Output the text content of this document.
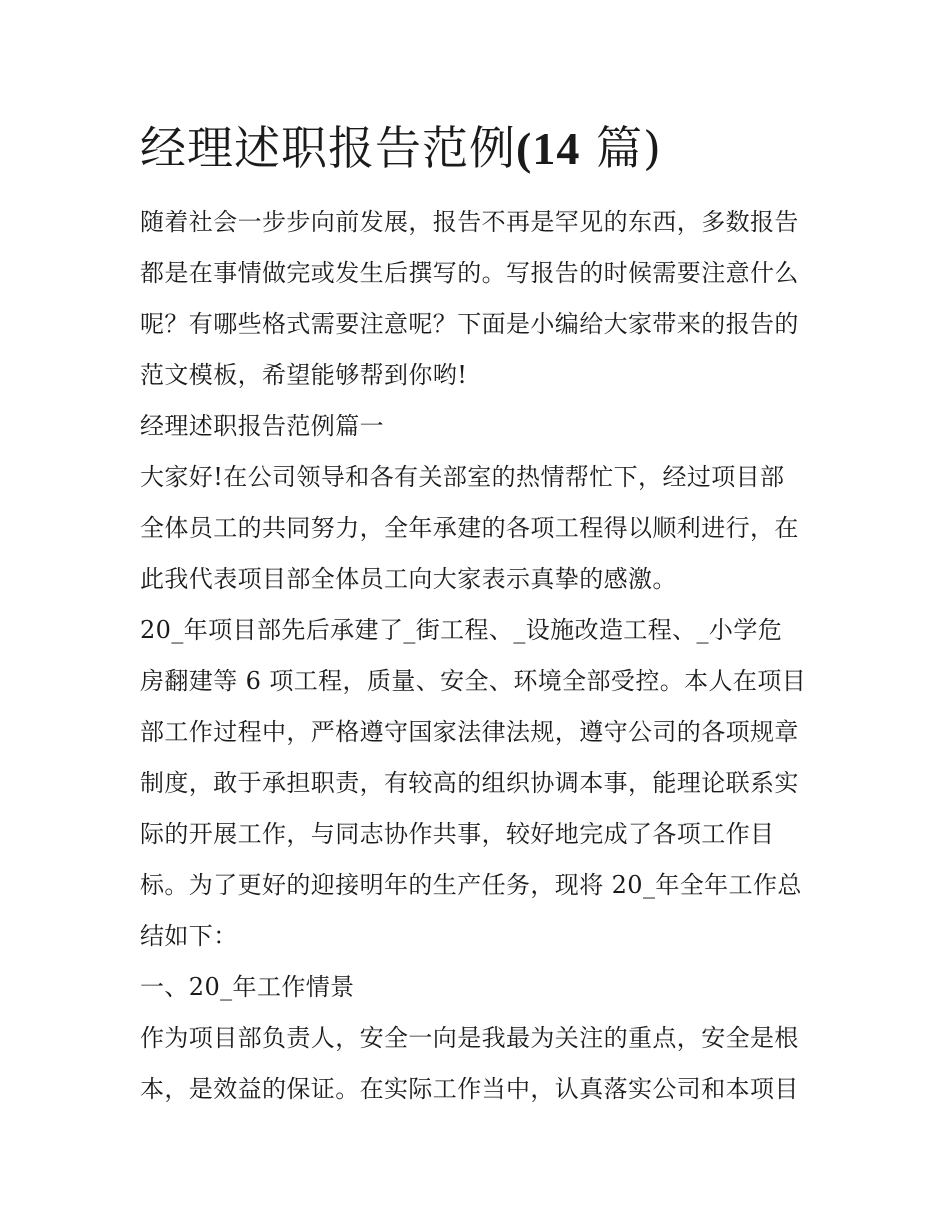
经理述职报告范例(14 篇)

随着社会一步步向前发展，报告不再是罕见的东西，多数报告

都是在事情做完或发生后撰写的。写报告的时候需要注意什么

呢？有哪些格式需要注意呢？下面是小编给大家带来的报告的

范文模板，希望能够帮到你哟!

经理述职报告范例篇一

大家好!在公司领导和各有关部室的热情帮忙下，经过项目部

全体员工的共同努力，全年承建的各项工程得以顺利进行，在

此我代表项目部全体员工向大家表示真挚的感激。

20_年项目部先后承建了_街工程、_设施改造工程、_小学危

房翻建等 6 项工程，质量、安全、环境全部受控。本人在项目

部工作过程中，严格遵守国家法律法规，遵守公司的各项规章

制度，敢于承担职责，有较高的组织协调本事，能理论联系实

际的开展工作，与同志协作共事，较好地完成了各项工作目

标。为了更好的迎接明年的生产任务，现将 20_年全年工作总

结如下：

一、20_年工作情景

作为项目部负责人，安全一向是我最为关注的重点，安全是根

本，是效益的保证。在实际工作当中，认真落实公司和本项目
